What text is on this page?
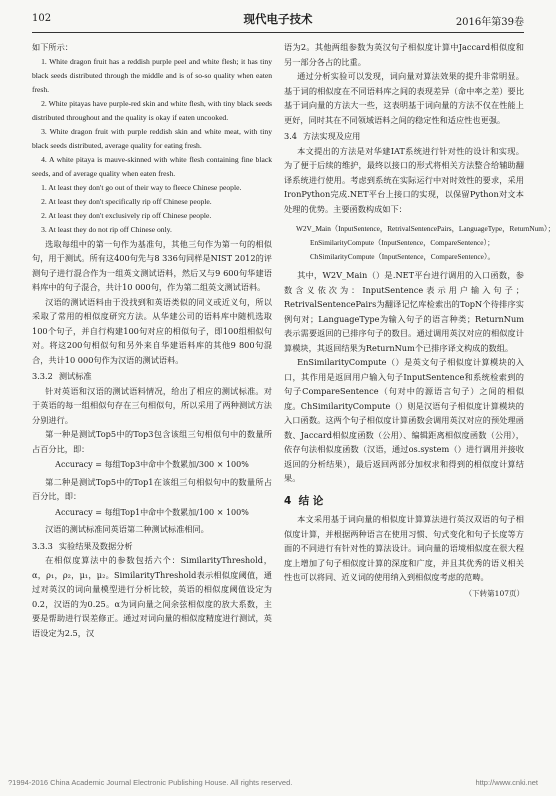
102	现代电子技术	2016年第39卷

如下所示：

1. White dragon fruit has a reddish purple peel and white flesh; it has tiny black seeds distributed through the middle and is of so-so quality when eaten fresh.

2. White pitayas have purple-red skin and white flesh, with tiny black seeds distributed throughout and the quality is okay if eaten uncooked.

3. White dragon fruit with purple reddish skin and white meat, with tiny black seeds distributed, average quality for eating fresh.

4. A white pitaya is mauve-skinned with white flesh containing fine black seeds, and of average quality when eaten fresh.

1. At least they don't go out of their way to fleece Chinese people.

2. At least they don't specifically rip off Chinese people.

2. At least they don't exclusively rip off Chinese people.

3. At least they do not rip off Chinese only.

选取每组中的第一句作为基准句，其他三句作为第一句的相似句，用于测试。所有这400句先与8 336句同样是NIST 2012的评测句子进行混合作为一组英文测试语料，然后又与9 600句华建语料库中的句子混合，共计10 000句，作为第二组英文测试语料。

汉语的测试语料由于没找到和英语类似的同义或近义句，所以采取了常用的相似度研究方法。从华建公司的语料库中随机选取100个句子，并自行构建100句对应的相似句子，即100组相似句对。将这200句相似句和另外来自华建语料库的其他9 800句混合，共计10 000句作为汉语的测试语料。

3.3.2 测试标准

针对英语和汉语的测试语料情况，给出了相应的测试标准。对于英语的每一组相似句存在三句相似句，所以采用了两种测试方法分别进行。

第一种是测试Top5中的Top3包含该组三句相似句中的数量所占百分比，即：

Accuracy = 每组Top3中命中个数累加/300 × 100%

第二种是测试Top5中的Top1在该组三句相似句中的数量所占百分比，即：

Accuracy = 每组Top1中命中个数累加/100 × 100%

汉语的测试标准同英语第二种测试标准相同。

3.3.3 实验结果及数据分析

在相似度算法中的参数包括六个：SimilarityThreshold，α，ρ₁，ρ₂，μ₁，μ₂。SimilarityThreshold表示相似度阈值，通过对英汉的词向量模型进行分析比较，英语的相似度阈值设定为0.2，汉语的为0.25。α为词向量之间余弦相似度的放大系数，主要是帮助进行误差修正。通过对词向量的相似度精度进行测试，英语设定为2.5，汉

语为2。其他两组参数为英汉句子相似度计算中Jaccard相似度和另一部分各占的比重。

通过分析实验可以发现，词向量对算法效果的提升非常明显。基于词的相似度在不同语料库之间的表现差异（命中率之差）要比基于词向量的方法大一些，这表明基于词向量的方法不仅在性能上更好，同时其在不同领域语料之间的稳定性和适应性也更强。

3.4 方法实现及应用

本文提出的方法是对华建IAT系统进行针对性的设计和实现。为了便于后续的维护，最终以接口的形式将相关方法整合给辅助翻译系统进行使用。考虑到系统在实际运行中对时效性的要求，采用IronPython完成.NET平台上接口的实现，以保留Python对文本处理的优势。主要函数构成如下：

W2V_Main（InputSentence，RetrivalSentencePairs，LanguageType，ReturnNum）；
EnSimilarityCompute（InputSentence，CompareSentence）；
ChSimilarityCompute（InputSentence，CompareSentence）。

其中，W2V_Main（）是.NET平台进行调用的入口函数，参数含义依次为：InputSentence表示用户输入句子；RetrivalSentencePairs为翻译记忆库检索出的TopN个待排序实例句对；LanguageType为输入句子的语言种类；ReturnNum表示需要返回的已排序句子的数目。通过调用英汉对应的相似度计算模块，其返回结果为ReturnNum个已排序译文构成的数组。

EnSimilarityCompute（）是英文句子相似度计算模块的入口，其作用是返回用户输入句子InputSentence和系统检索到的句子CompareSentence（句对中的源语言句子）之间的相似度。ChSimilarityCompute（）则是汉语句子相似度计算模块的入口函数。这两个句子相似度计算函数会调用英汉对应的预处理函数、Jaccard相似度函数（公用）、编辑距离相似度函数（公用），依存句法相似度函数（汉语，通过os.system（）进行调用并接收返回的分析结果），最后返回两部分加权求和得到的相似度计算结果。

4 结 论

本文采用基于词向量的相似度计算算法进行英汉双语的句子相似度计算，并根据两种语言在使用习惯、句式变化和句子长度等方面的不同进行有针对性的算法设计。词向量的语境相似度在很大程度上增加了句子相似度计算的深度和广度，并且其优秀的语义相关性也可以将同、近义词的使用纳入到相似度考虑的范畴。

（下转第107页）
?1994-2016 China Academic Journal Electronic Publishing House. All rights reserved.	http://www.cnki.net
